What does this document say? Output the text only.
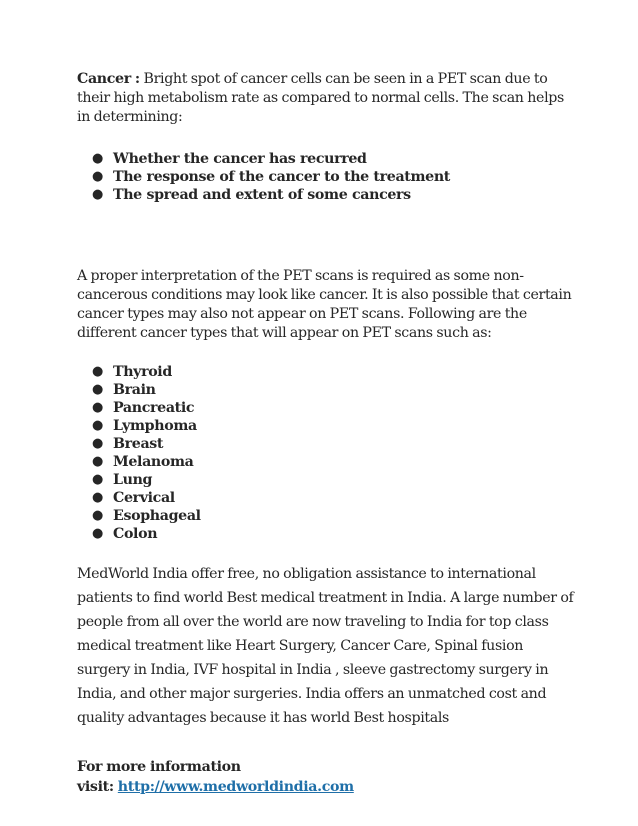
Cancer : Bright spot of cancer cells can be seen in a PET scan due to their high metabolism rate as compared to normal cells. The scan helps in determining:

● Whether the cancer has recurred
● The response of the cancer to the treatment
● The spread and extent of some cancers

A proper interpretation of the PET scans is required as some non-cancerous conditions may look like cancer. It is also possible that certain cancer types may also not appear on PET scans. Following are the different cancer types that will appear on PET scans such as:

● Thyroid
● Brain
● Pancreatic
● Lymphoma
● Breast
● Melanoma
● Lung
● Cervical
● Esophageal
● Colon

MedWorld India offer free, no obligation assistance to international patients to find world Best medical treatment in India. A large number of people from all over the world are now traveling to India for top class medical treatment like Heart Surgery, Cancer Care, Spinal fusion surgery in India, IVF hospital in India , sleeve gastrectomy surgery in India, and other major surgeries. India offers an unmatched cost and quality advantages because it has world Best hospitals

For more information

visit: http://www.medworldindia.com
